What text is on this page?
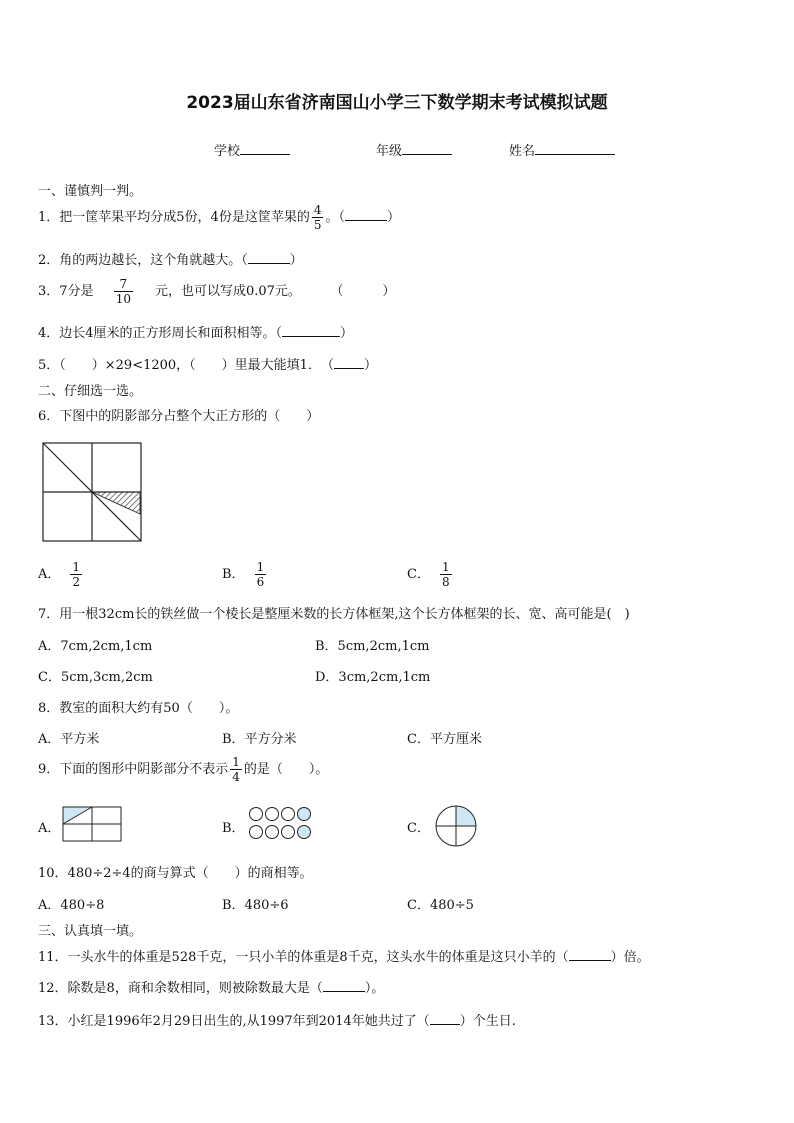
2023届山东省济南国山小学三下数学期末考试模拟试题
学校	年级	姓名
一、谨慎判一判。
1．把一筐苹果平均分成5份，4份是这筐苹果的 $\frac{4}{5}$ 。（	）
2．角的两边越长，这个角就越大。（	）
3．7分是 $\frac{7}{10}$ 元，也可以写成0.07元。	（　　　）
4．边长4厘米的正方形周长和面积相等。（	）
5．（　　）×29<1200，（　　）里最大能填1．　（ ）
二、仔细选一选。
6．下图中的阴影部分占整个大正方形的（　　）
A． $\frac{1}{2}$	B． $\frac{1}{6}$	C． $\frac{1}{8}$
7．用一根32cm长的铁丝做一个棱长是整厘米数的长方体框架,这个长方体框架的长、宽、高可能是(　)
A．7cm,2cm,1cm	B．5cm,2cm,1cm
C．5cm,3cm,2cm	D．3cm,2cm,1cm
8．教室的面积大约有50（　　）。
A．平方米	B．平方分米	C．平方厘米
9．下面的图形中阴影部分不表示 $\frac{1}{4}$ 的是（　　）。
A．	B．	C．
10．480÷2÷4的商与算式（　　）的商相等。
A．480÷8	B．480÷6	C．480÷5
三、认真填一填。
11．一头水牛的体重是528千克，一只小羊的体重是8千克，这头水牛的体重是这只小羊的（	）倍。
12．除数是8，商和余数相同，则被除数最大是（	）。
13．小红是1996年2月29日出生的,从1997年到2014年她共过了（ ）个生日.
